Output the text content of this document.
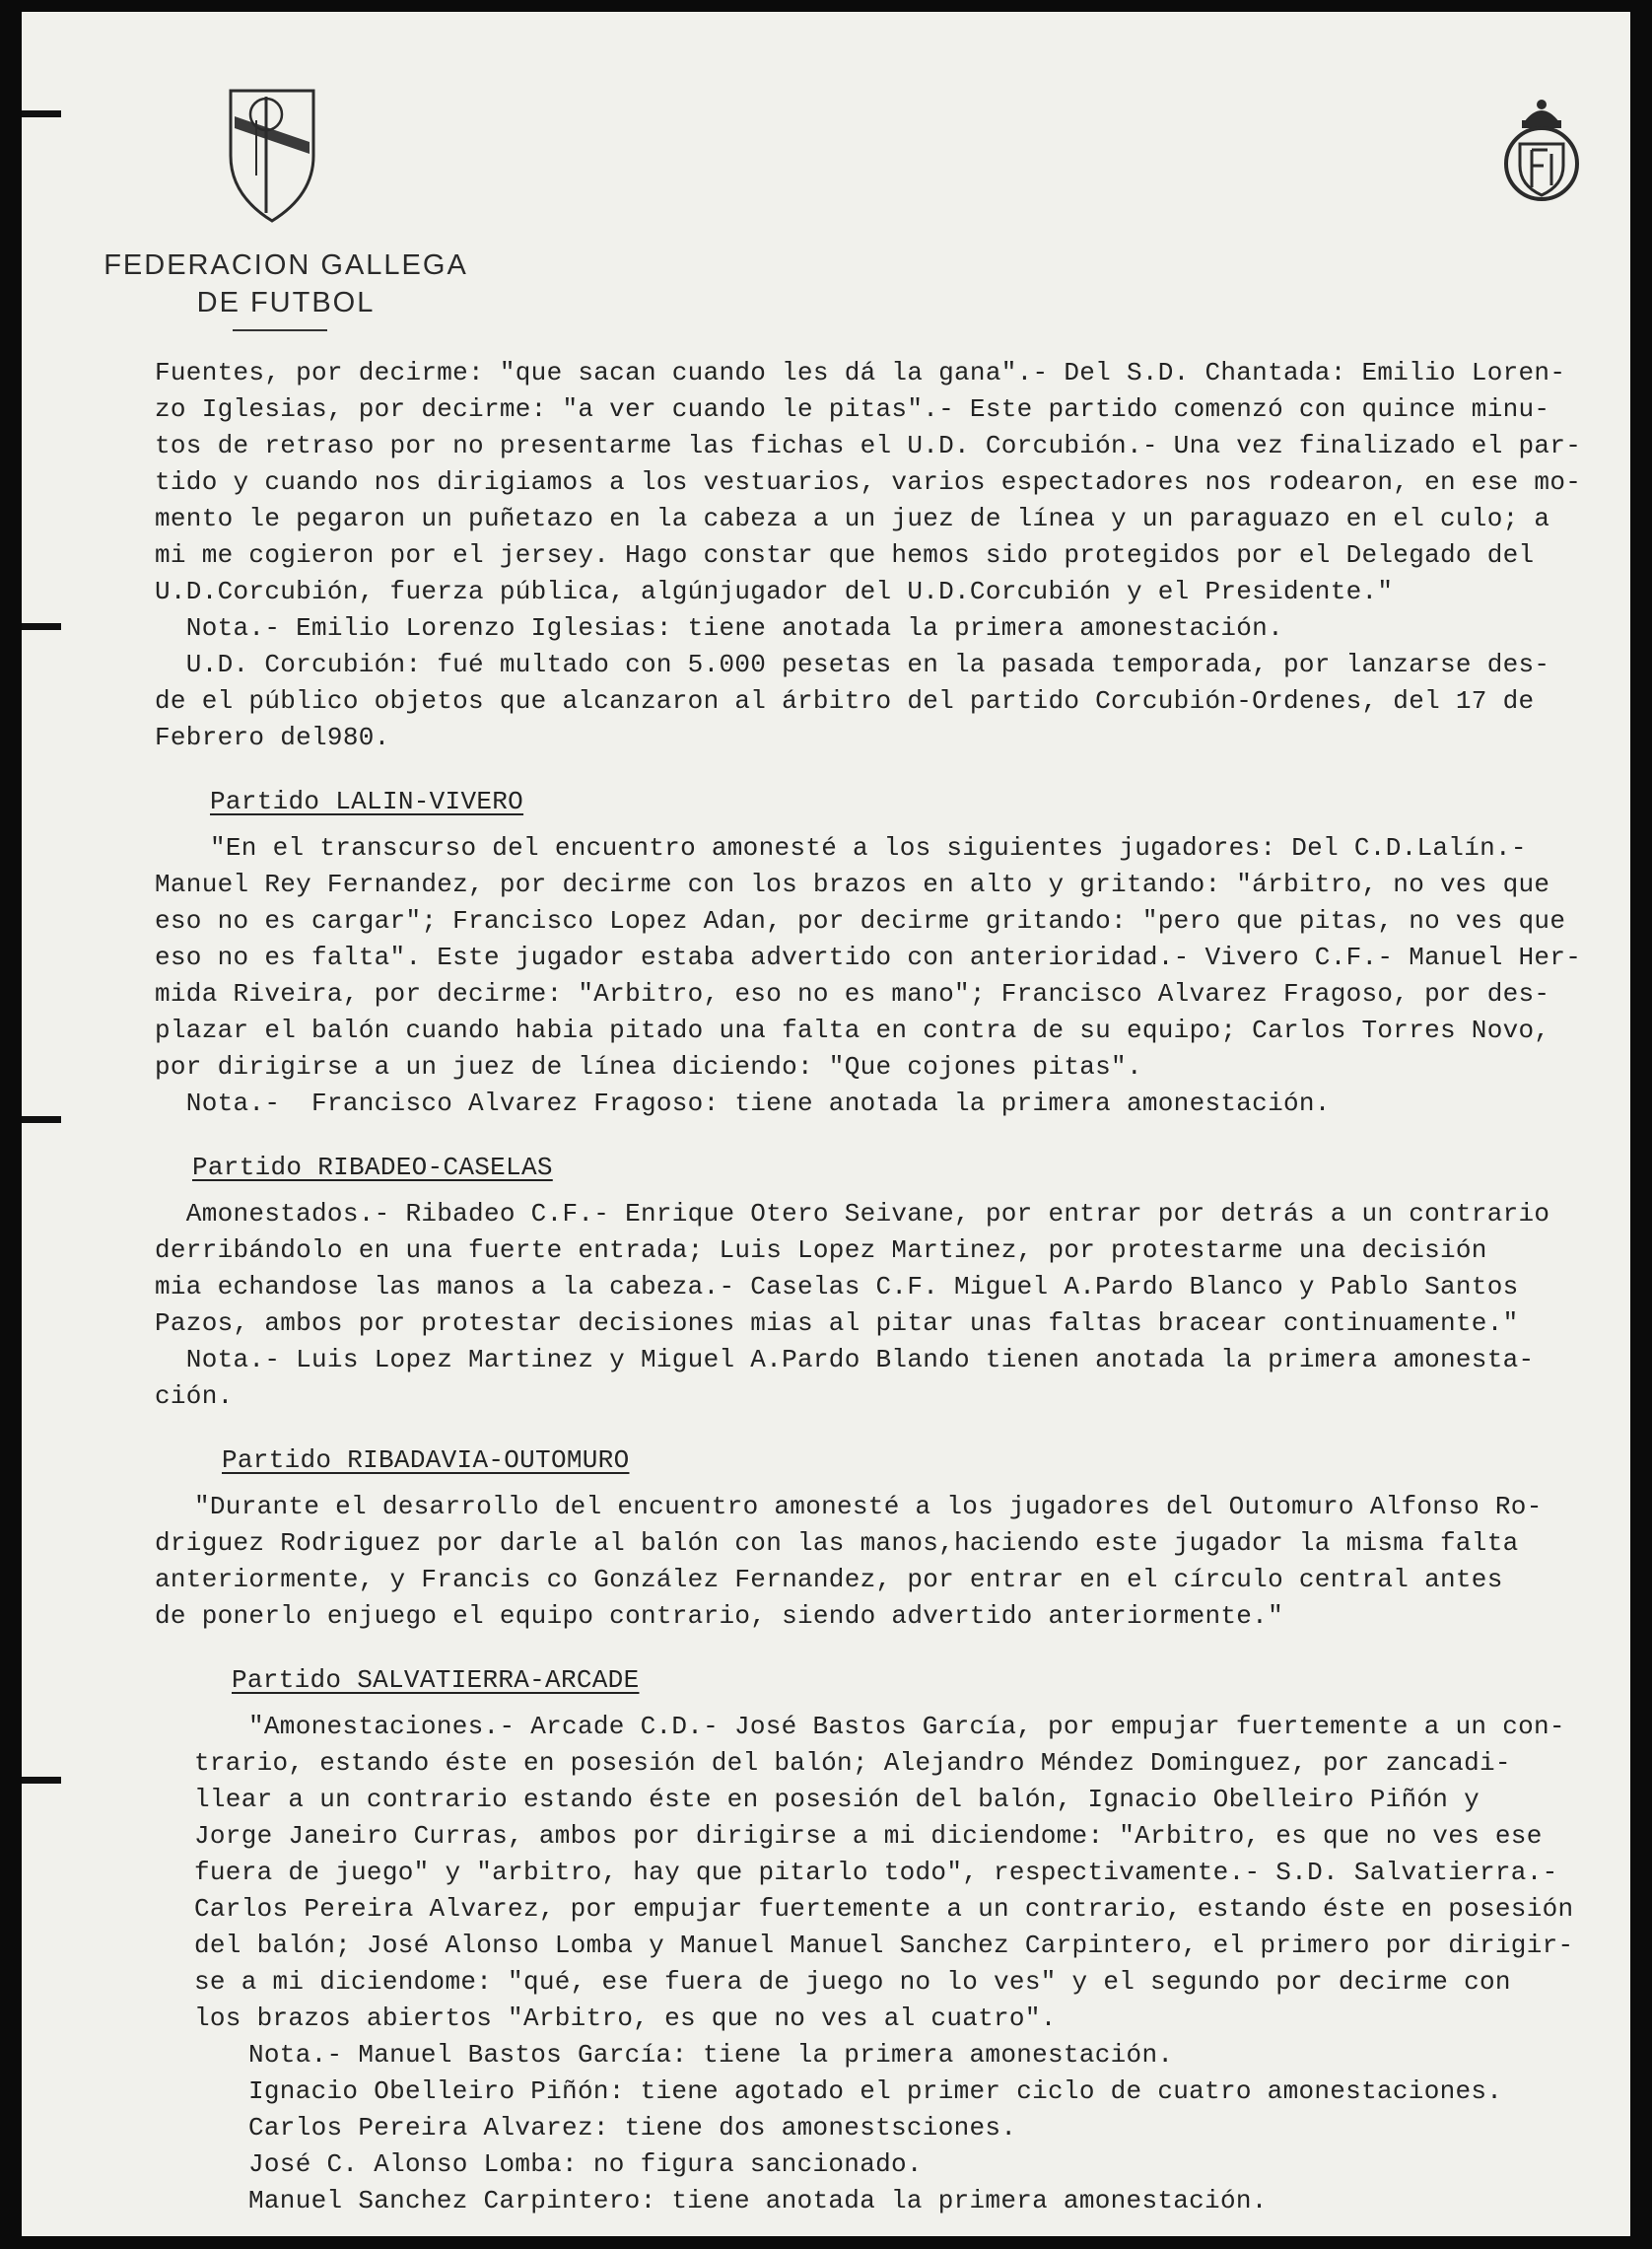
FEDERACION GALLEGA
DE FUTBOL
Fuentes, por decirme: "que sacan cuando les dá la gana".- Del S.D. Chantada: Emilio Loren-
zo Iglesias, por decirme: "a ver cuando le pitas".- Este partido comenzó con quince minu-
tos de retraso por no presentarme las fichas el U.D. Corcubión.- Una vez finalizado el par-
tido y cuando nos dirigiamos a los vestuarios, varios espectadores nos rodearon, en ese mo-
mento le pegaron un puñetazo en la cabeza a un juez de línea y un paraguazo en el culo; a
mi me cogieron por el jersey. Hago constar que hemos sido protegidos por el Delegado del
U.D.Corcubión, fuerza pública, algúnjugador del U.D.Corcubión y el Presidente."
Nota.- Emilio Lorenzo Iglesias: tiene anotada la primera amonestación.
U.D. Corcubión: fué multado con 5.000 pesetas en la pasada temporada, por lanzarse des-
de el público objetos que alcanzaron al árbitro del partido Corcubión-Ordenes, del 17 de
Febrero del980.
Partido LALIN-VIVERO
"En el transcurso del encuentro amonesté a los siguientes jugadores: Del C.D.Lalín.-
Manuel Rey Fernandez, por decirme con los brazos en alto y gritando: "árbitro, no ves que
eso no es cargar"; Francisco Lopez Adan, por decirme gritando: "pero que pitas, no ves que
eso no es falta". Este jugador estaba advertido con anterioridad.- Vivero C.F.- Manuel Her-
mida Riveira, por decirme: "Arbitro, eso no es mano"; Francisco Alvarez Fragoso, por des-
plazar el balón cuando habia pitado una falta en contra de su equipo; Carlos Torres Novo,
por dirigirse a un juez de línea diciendo: "Que cojones pitas".
Nota.-  Francisco Alvarez Fragoso: tiene anotada la primera amonestación.
Partido RIBADEO-CASELAS
Amonestados.- Ribadeo C.F.- Enrique Otero Seivane, por entrar por detrás a un contrario
derribándolo en una fuerte entrada; Luis Lopez Martinez, por protestarme una decisión
mia echandose las manos a la cabeza.- Caselas C.F. Miguel A.Pardo Blanco y Pablo Santos
Pazos, ambos por protestar decisiones mias al pitar unas faltas bracear continuamente."
Nota.- Luis Lopez Martinez y Miguel A.Pardo Blando tienen anotada la primera amonesta-
ción.
Partido RIBADAVIA-OUTOMURO
"Durante el desarrollo del encuentro amonesté a los jugadores del Outomuro Alfonso Ro-
driguez Rodriguez por darle al balón con las manos,haciendo este jugador la misma falta
anteriormente, y Francis co González Fernandez, por entrar en el círculo central antes
de ponerlo enjuego el equipo contrario, siendo advertido anteriormente."
Partido SALVATIERRA-ARCADE
"Amonestaciones.- Arcade C.D.- José Bastos García, por empujar fuertemente a un con-
trario, estando éste en posesión del balón; Alejandro Méndez Dominguez, por zancadi-
llear a un contrario estando éste en posesión del balón, Ignacio Obelleiro Piñón y
Jorge Janeiro Curras, ambos por dirigirse a mi diciendome: "Arbitro, es que no ves ese
fuera de juego" y "arbitro, hay que pitarlo todo", respectivamente.- S.D. Salvatierra.-
Carlos Pereira Alvarez, por empujar fuertemente a un contrario, estando éste en posesión
del balón; José Alonso Lomba y Manuel Manuel Sanchez Carpintero, el primero por dirigir-
se a mi diciendome: "qué, ese fuera de juego no lo ves" y el segundo por decirme con
los brazos abiertos "Arbitro, es que no ves al cuatro".
Nota.- Manuel Bastos García: tiene la primera amonestación.
Ignacio Obelleiro Piñón: tiene agotado el primer ciclo de cuatro amonestaciones.
Carlos Pereira Alvarez: tiene dos amonestsciones.
José C. Alonso Lomba: no figura sancionado.
Manuel Sanchez Carpintero: tiene anotada la primera amonestación.
